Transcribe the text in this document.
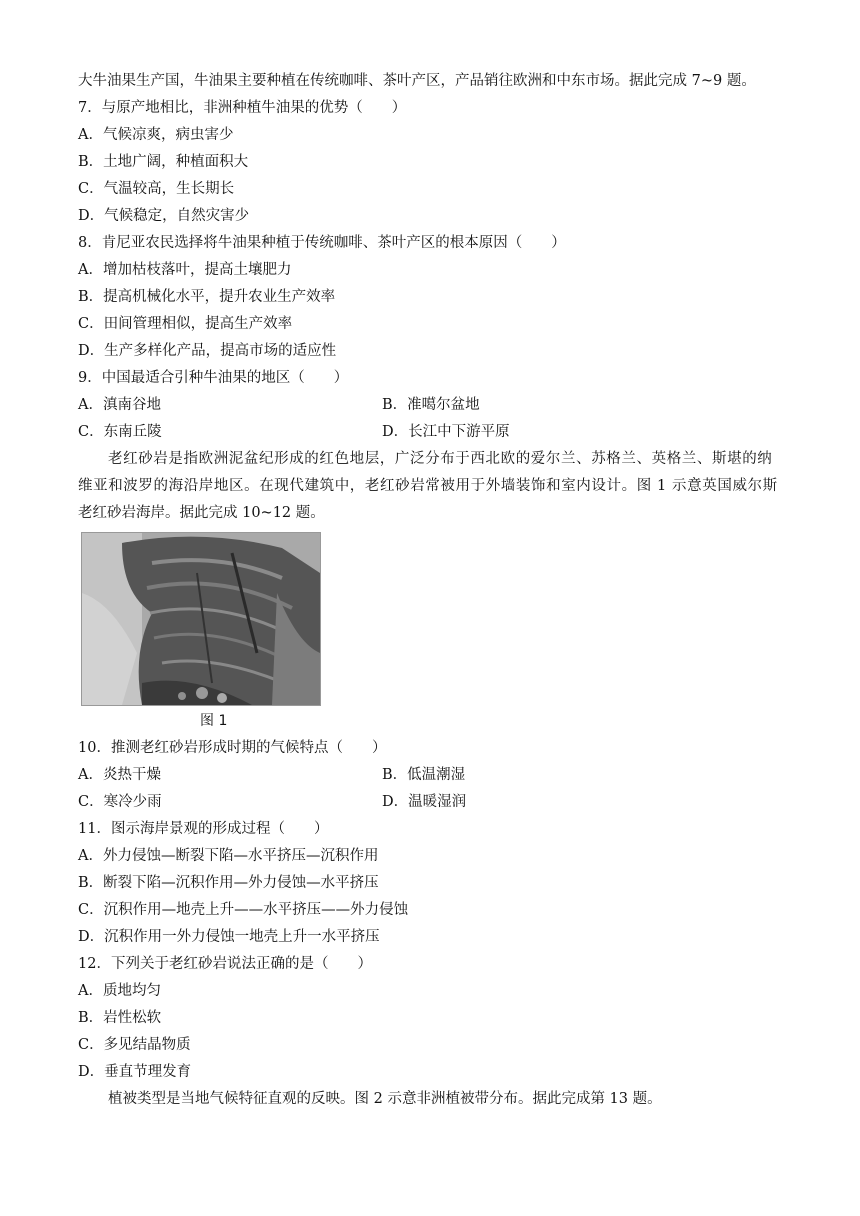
大牛油果生产国，牛油果主要种植在传统咖啡、茶叶产区，产品销往欧洲和中东市场。据此完成 7~9 题。
7．与原产地相比，非洲种植牛油果的优势（　　）
A．气候凉爽，病虫害少
B．土地广阔，种植面积大
C．气温较高，生长期长
D．气候稳定，自然灾害少
8．肯尼亚农民选择将牛油果种植于传统咖啡、茶叶产区的根本原因（　　）
A．增加枯枝落叶，提高土壤肥力
B．提高机械化水平，提升农业生产效率
C．田间管理相似，提高生产效率
D．生产多样化产品，提高市场的适应性
9．中国最适合引种牛油果的地区（　　）
A．滇南谷地	B．准噶尔盆地
C．东南丘陵	D．长江中下游平原
老红砂岩是指欧洲泥盆纪形成的红色地层，广泛分布于西北欧的爱尔兰、苏格兰、英格兰、斯堪的纳
维亚和波罗的海沿岸地区。在现代建筑中，老红砂岩常被用于外墙装饰和室内设计。图 1 示意英国威尔斯
老红砂岩海岸。据此完成 10~12 题。
图 1
10．推测老红砂岩形成时期的气候特点（　　）
A．炎热干燥	B．低温潮湿
C．寒冷少雨	D．温暖湿润
11．图示海岸景观的形成过程（　　）
A．外力侵蚀—断裂下陷—水平挤压—沉积作用
B．断裂下陷—沉积作用—外力侵蚀—水平挤压
C．沉积作用—地壳上升——水平挤压——外力侵蚀
D．沉积作用一外力侵蚀一地壳上升一水平挤压
12．下列关于老红砂岩说法正确的是（　　）
A．质地均匀
B．岩性松软
C．多见结晶物质
D．垂直节理发育
植被类型是当地气候特征直观的反映。图 2 示意非洲植被带分布。据此完成第 13 题。
